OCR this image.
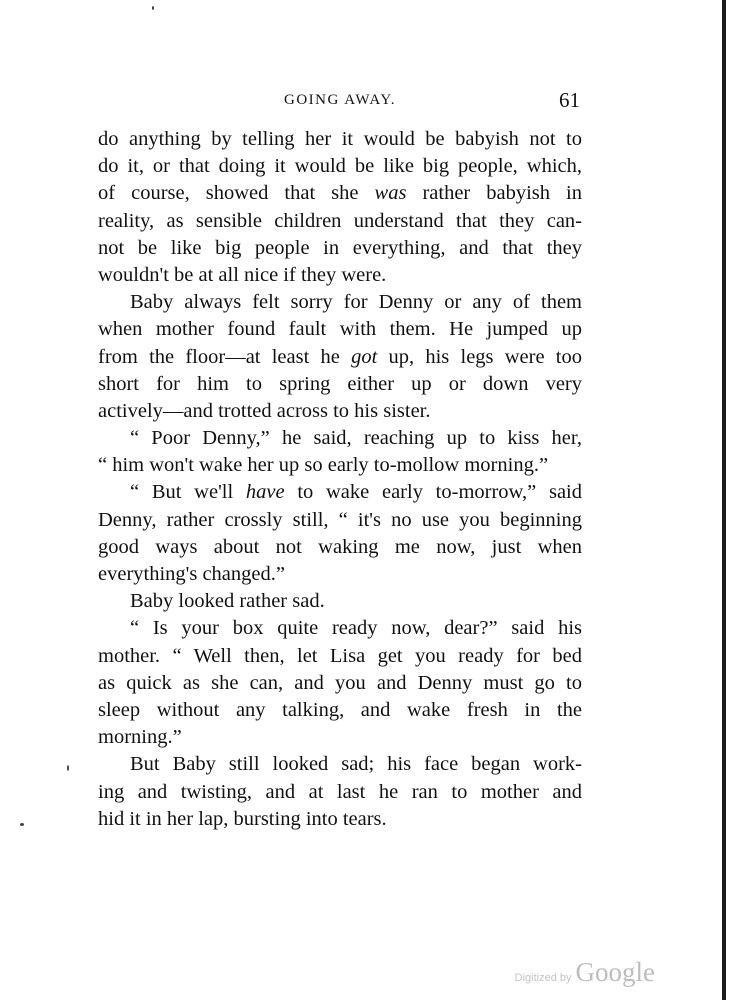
GOING AWAY.	61
do anything by telling her it would be babyish not to
do it, or that doing it would be like big people, which,
of course, showed that she was rather babyish in
reality, as sensible children understand that they can-
not be like big people in everything, and that they
wouldn't be at all nice if they were.
Baby always felt sorry for Denny or any of them
when mother found fault with them. He jumped up
from the floor—at least he got up, his legs were too
short for him to spring either up or down very
actively—and trotted across to his sister.
“ Poor Denny,” he said, reaching up to kiss her,
“ him won't wake her up so early to-mollow morning.”
“ But we'll have to wake early to-morrow,” said
Denny, rather crossly still, “ it's no use you beginning
good ways about not waking me now, just when
everything's changed.”
Baby looked rather sad.
“ Is your box quite ready now, dear?” said his
mother. “ Well then, let Lisa get you ready for bed
as quick as she can, and you and Denny must go to
sleep without any talking, and wake fresh in the
morning.”
But Baby still looked sad; his face began work-
ing and twisting, and at last he ran to mother and
hid it in her lap, bursting into tears.
Digitized by Google
